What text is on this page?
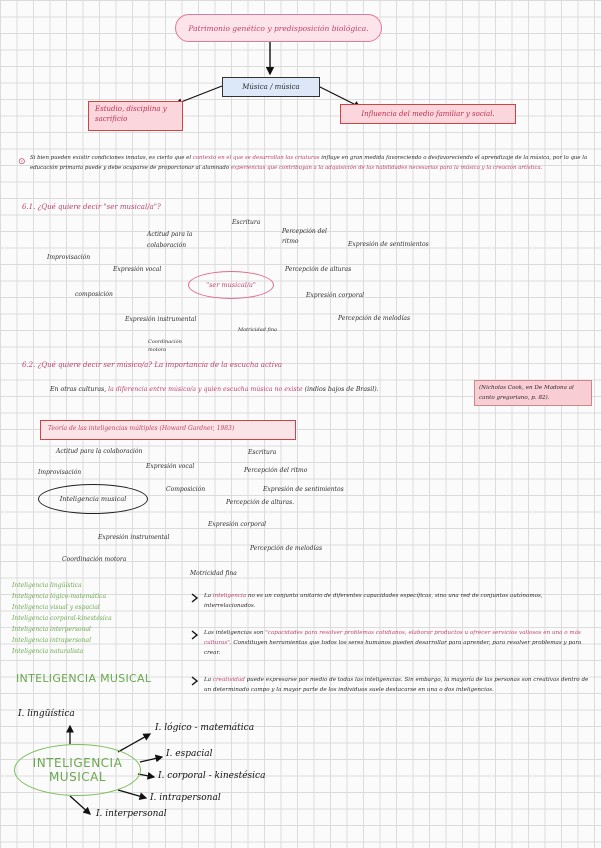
Patrimonio genético y predisposición biológica.
Música / música
Estudio, disciplina y sacrificio
Influencia del medio familiar y social.
⊙ Si bien pueden existir condiciones innatas, es cierto que el contexto en el que se desarrollan las criaturas influye en gran medida favoreciendo o desfavoreciendo el aprendizaje de la música, por lo que la educación primaria puede y debe ocuparse de proporcionar al alumnado experiencias que contribuyan a la adquisición de las habilidades necesarias para la música y la creación artística.
6.1. ¿Qué quiere decir "ser musical/a"?
"ser musical/a"
Escritura
Actitud para la colaboración
Percepción del ritmo	Expresión de sentimientos
Improvisación
Expresión vocal	Percepción de alturas
composición	Expresión corporal
Expresión instrumental	Percepción de melodías
Motricidad fina
Coordinación motora
6.2. ¿Qué quiere decir ser músico/a? La importancia de la escucha activa
En otras culturas, la diferencia entre músico/a y quien escucha música no existe (indios bajos de Brasil).	(Nicholas Cook, en De Madona al canto gregoriano, p. 82).
Teoría de las inteligencias múltiples (Howard Gardner, 1983)
Inteligencia musical
Actitud para la colaboración	Escritura
Improvisación
Expresión vocal
Percepción del ritmo
Composición	Expresión de sentimientos
Percepción de alturas.
Expresión corporal
Expresión instrumental
Percepción de melodías
Coordinación motora
Motricidad fina
Inteligencia lingüística
Inteligencia lógico-matemática
Inteligencia visual y espacial
Inteligencia corporal-kinestésica
Inteligencia interpersonal
Inteligencia intrapersonal
Inteligencia naturalista
INTELIGENCIA MUSICAL
La inteligencia no es un conjunto unitario de diferentes capacidades específicas, sino una red de conjuntos autónomos, interrelacionados.
Las inteligencias son "capacidades para resolver problemas cotidianos, elaborar productos u ofrecer servicios valiosos en una o más culturas". Constituyen herramientas que todos los seres humanos pueden desarrollar para aprender, para resolver problemas y para crear.
La creatividad puede expresarse por medio de todas las inteligencias. Sin embargo, la mayoría de las personas son creativas dentro de un determinado campo y la mayor parte de los individuos suele destacarse en una o dos inteligencias.
INTELIGENCIA
MUSICAL
I. lingüística
I. lógico - matemática
I. espacial
I. corporal - kinestésica
I. intrapersonal
I. interpersonal
